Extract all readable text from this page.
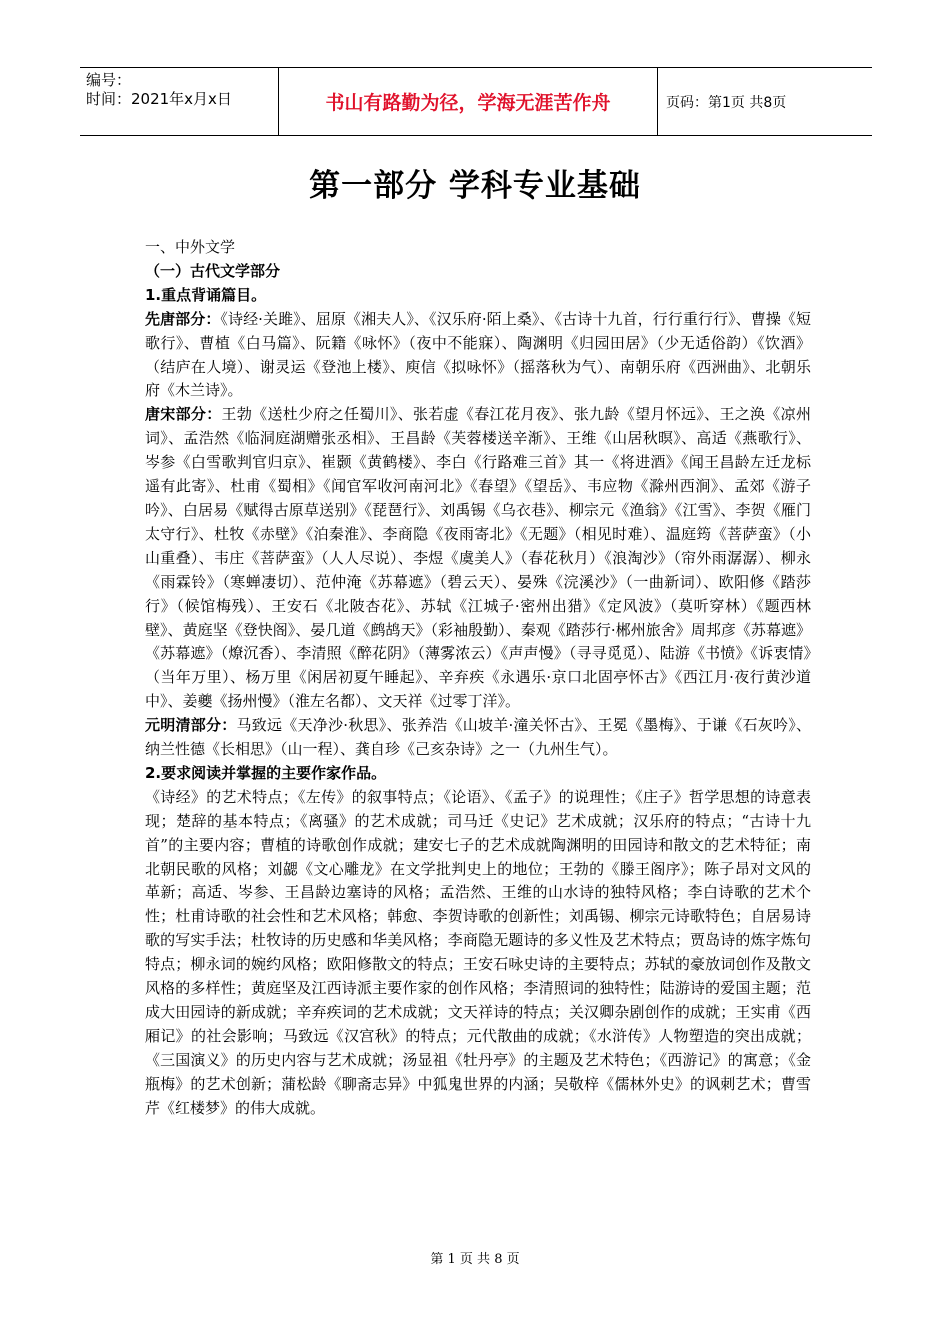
编号：
时间：2021年x月x日	书山有路勤为径，学海无涯苦作舟	页码：第1页 共8页
第一部分 学科专业基础

一、中外文学

（一）古代文学部分

1.重点背诵篇目。

先唐部分：《诗经·关雎》、屈原《湘夫人》、《汉乐府·陌上桑》、《古诗十九首，行行重行行》、曹操《短歌行》、曹植《白马篇》、阮籍《咏怀》（夜中不能寐）、陶渊明《归园田居》（少无适俗韵）《饮酒》（结庐在人境）、谢灵运《登池上楼》、庾信《拟咏怀》（摇落秋为气）、南朝乐府《西洲曲》、北朝乐府《木兰诗》。

唐宋部分：王勃《送杜少府之任蜀川》、张若虚《春江花月夜》、张九龄《望月怀远》、王之涣《凉州词》、孟浩然《临洞庭湖赠张丞相》、王昌龄《芙蓉楼送辛渐》、王维《山居秋暝》、高适《燕歌行》、岑参《白雪歌判官归京》、崔颢《黄鹤楼》、李白《行路难三首》其一《将进酒》《闻王昌龄左迁龙标遥有此寄》、杜甫《蜀相》《闻官军收河南河北》《春望》《望岳》、韦应物《滁州西涧》、孟郊《游子吟》、白居易《赋得古原草送别》《琵琶行》、刘禹锡《乌衣巷》、柳宗元《渔翁》《江雪》、李贺《雁门太守行》、杜牧《赤壁》《泊秦淮》、李商隐《夜雨寄北》《无题》（相见时难）、温庭筠《菩萨蛮》（小山重叠）、韦庄《菩萨蛮》（人人尽说）、李煜《虞美人》（春花秋月）《浪淘沙》（帘外雨潺潺）、柳永《雨霖铃》（寒蝉凄切）、范仲淹《苏幕遮》（碧云天）、晏殊《浣溪沙》（一曲新词）、欧阳修《踏莎行》（候馆梅残）、王安石《北陂杏花》、苏轼《江城子·密州出猎》《定风波》（莫听穿林）《题西林壁》、黄庭坚《登快阁》、晏几道《鹧鸪天》（彩袖殷勤）、秦观《踏莎行·郴州旅舍》周邦彦《苏幕遮》《苏幕遮》（燎沉香）、李清照《醉花阴》（薄雾浓云）《声声慢》（寻寻觅觅）、陆游《书愤》《诉衷情》（当年万里）、杨万里《闲居初夏午睡起》、辛弃疾《永遇乐·京口北固亭怀古》《西江月·夜行黄沙道中》、姜夔《扬州慢》（淮左名都）、文天祥《过零丁洋》。

元明清部分：马致远《天净沙·秋思》、张养浩《山坡羊·潼关怀古》、王冕《墨梅》、于谦《石灰吟》、纳兰性德《长相思》（山一程）、龚自珍《己亥杂诗》之一（九州生气）。

2.要求阅读并掌握的主要作家作品。

《诗经》的艺术特点；《左传》的叙事特点；《论语》、《孟子》的说理性；《庄子》哲学思想的诗意表现；楚辞的基本特点；《离骚》的艺术成就；司马迁《史记》艺术成就；汉乐府的特点；“古诗十九首”的主要内容；曹植的诗歌创作成就；建安七子的艺术成就陶渊明的田园诗和散文的艺术特征；南北朝民歌的风格；刘勰《文心雕龙》在文学批判史上的地位；王勃的《滕王阁序》；陈子昂对文风的革新；高适、岑参、王昌龄边塞诗的风格；孟浩然、王维的山水诗的独特风格；李白诗歌的艺术个性；杜甫诗歌的社会性和艺术风格；韩愈、李贺诗歌的创新性；刘禹锡、柳宗元诗歌特色；自居易诗歌的写实手法；杜牧诗的历史感和华美风格；李商隐无题诗的多义性及艺术特点；贾岛诗的炼字炼句特点；柳永词的婉约风格；欧阳修散文的特点；王安石咏史诗的主要特点；苏轼的豪放词创作及散文风格的多样性；黄庭坚及江西诗派主要作家的创作风格；李清照词的独特性；陆游诗的爱国主题；范成大田园诗的新成就；辛弃疾词的艺术成就；文天祥诗的特点；关汉卿杂剧创作的成就；王实甫《西厢记》的社会影响；马致远《汉宫秋》的特点；元代散曲的成就；《水浒传》人物塑造的突出成就；《三国演义》的历史内容与艺术成就；汤显祖《牡丹亭》的主题及艺术特色；《西游记》的寓意；《金瓶梅》的艺术创新；蒲松龄《聊斋志异》中狐鬼世界的内涵；吴敬梓《儒林外史》的讽刺艺术；曹雪芹《红楼梦》的伟大成就。

第 1 页 共 8 页
